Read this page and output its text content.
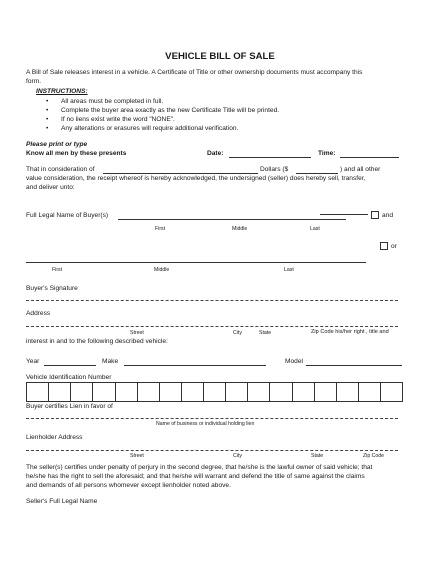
VEHICLE BILL OF SALE
A Bill of Sale releases interest in a vehicle. A Certificate of Title or other ownership documents must accompany this
form.
INSTRUCTIONS:
• All areas must be completed in full.
• Complete the buyer area exactly as the new Certificate Title will be printed.
• If no liens exist write the word "NONE".
• Any alterations or erasures will require additional verification.
Please print or type
Know all men by these presents	Date:	Time:
That in consideration of	Dollars ($	) and all other
value consideration, the receipt whereof is hereby acknowledged, the undersigned (seller) does hereby sell, transfer,
and deliver unto:
Full Legal Name of Buyer(s)	and
First	Middle	Last
or
First	Middle	Last
Buyer's Signature
Address
Street	City	State	Zip Code his/her right , title and
interest in and to the following described vehicle:
Year	Make	Model
Vehicle Identification Number
Buyer certifies Lien in favor of
Name of business or individual holding lien
Lienholder Address
Street	City	State	Zip Code
The seller(s) certifies under penalty of perjury in the second degree, that he/she is the lawful owner of said vehicle; that
he/she has the right to sell the aforesaid; and that he/she will warrant and defend the title of same against the claims
and demands of all persons whomever except lienholder noted above.
Seller's Full Legal Name
